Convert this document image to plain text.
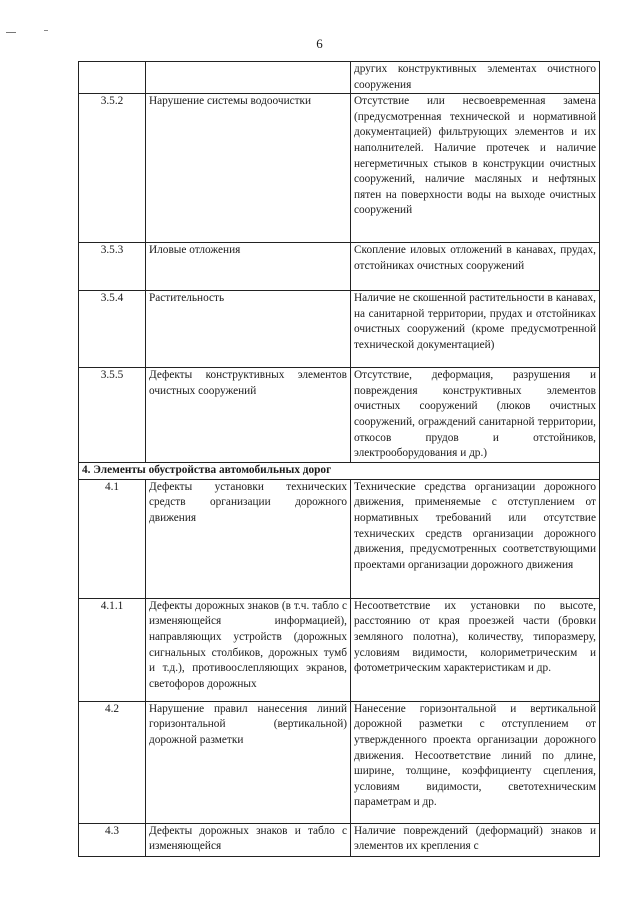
6
		других конструктивных элементах очистного сооружения
3.5.2	Нарушение системы водоочистки	Отсутствие или несвоевременная замена (предусмотренная технической и нормативной документацией) фильтрующих элементов и их наполнителей. Наличие протечек и наличие негерметичных стыков в конструкции очистных сооружений, наличие масляных и нефтяных пятен на поверхности воды на выходе очистных сооружений
3.5.3	Иловые отложения	Скопление иловых отложений в канавах, прудах, отстойниках очистных сооружений
3.5.4	Растительность	Наличие не скошенной растительности в канавах, на санитарной территории, прудах и отстойниках очистных сооружений (кроме предусмотренной технической документацией)
3.5.5	Дефекты конструктивных элементов очистных сооружений	Отсутствие, деформация, разрушения и повреждения конструктивных элементов очистных сооружений (люков очистных сооружений, ограждений санитарной территории, откосов прудов и отстойников, электрооборудования и др.)
4. Элементы обустройства автомобильных дорог		
4.1	Дефекты установки технических средств организации дорожного движения	Технические средства организации дорожного движения, применяемые с отступлением от нормативных требований или отсутствие технических средств организации дорожного движения, предусмотренных соответствующими проектами организации дорожного движения
4.1.1	Дефекты дорожных знаков (в т.ч. табло с изменяющейся информацией), направляющих устройств (дорожных сигнальных столбиков, дорожных тумб и т.д.), противоослепляющих экранов, светофоров дорожных	Несоответствие их установки по высоте, расстоянию от края проезжей части (бровки земляного полотна), количеству, типоразмеру, условиям видимости, колориметрическим и фотометрическим характеристикам и др.
4.2	Нарушение правил нанесения линий горизонтальной (вертикальной) дорожной разметки	Нанесение горизонтальной и вертикальной дорожной разметки с отступлением от утвержденного проекта организации дорожного движения. Несоответствие линий по длине, ширине, толщине, коэффициенту сцепления, условиям видимости, светотехническим параметрам и др.
4.3	Дефекты дорожных знаков и табло с изменяющейся	Наличие повреждений (деформаций) знаков и элементов их крепления с
